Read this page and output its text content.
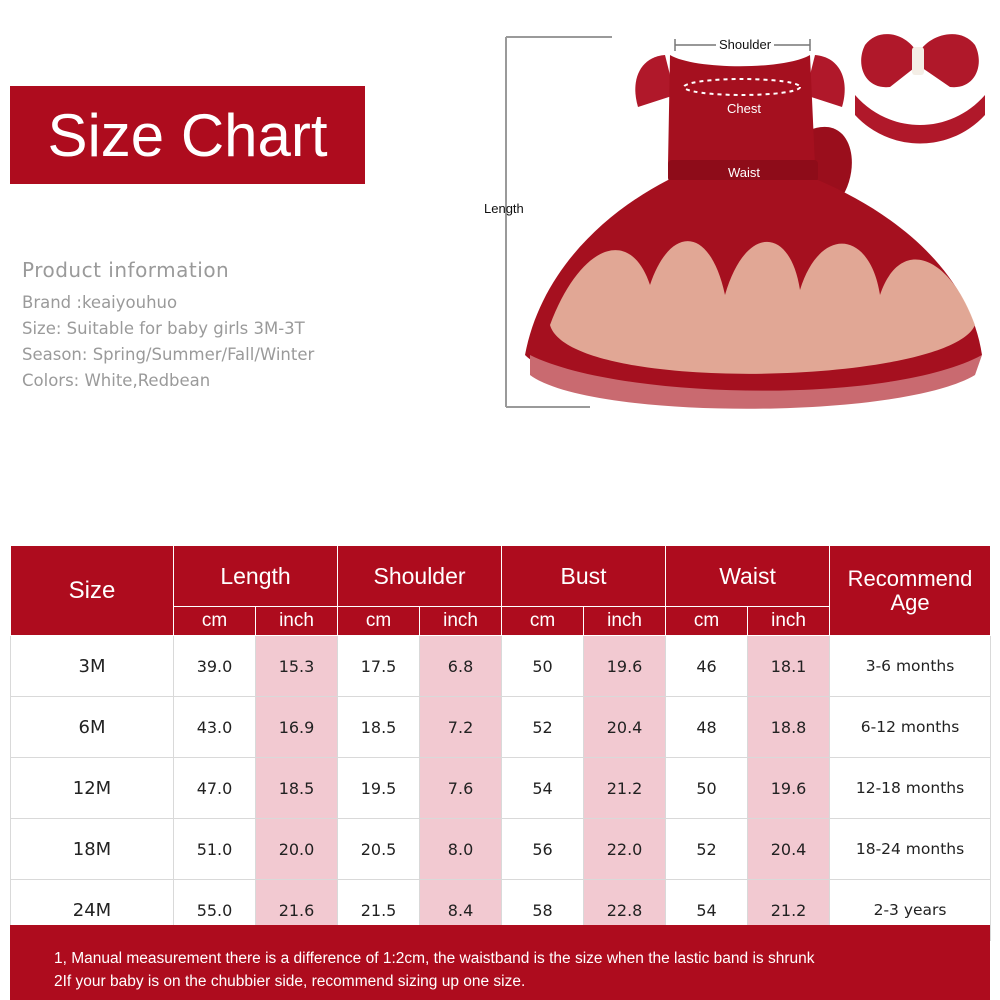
Size Chart
Product information
Brand :keaiyouhuo
Size: Suitable for baby girls 3M-3T
Season: Spring/Summer/Fall/Winter
Colors: White,Redbean
Shoulder
Chest
Waist
Length
Size	Length		Shoulder		Bust		Waist		Recommend Age
	cm	inch	cm	inch	cm	inch	cm	inch	
3M	39.0	15.3	17.5	6.8	50	19.6	46	18.1	3-6 months
6M	43.0	16.9	18.5	7.2	52	20.4	48	18.8	6-12 months
12M	47.0	18.5	19.5	7.6	54	21.2	50	19.6	12-18 months
18M	51.0	20.0	20.5	8.0	56	22.0	52	20.4	18-24 months
24M	55.0	21.6	21.5	8.4	58	22.8	54	21.2	2-3 years
1, Manual measurement there is a difference of 1:2cm, the waistband is the size when the lastic band is shrunk
2If your baby is on the chubbier side, recommend sizing up one size.
